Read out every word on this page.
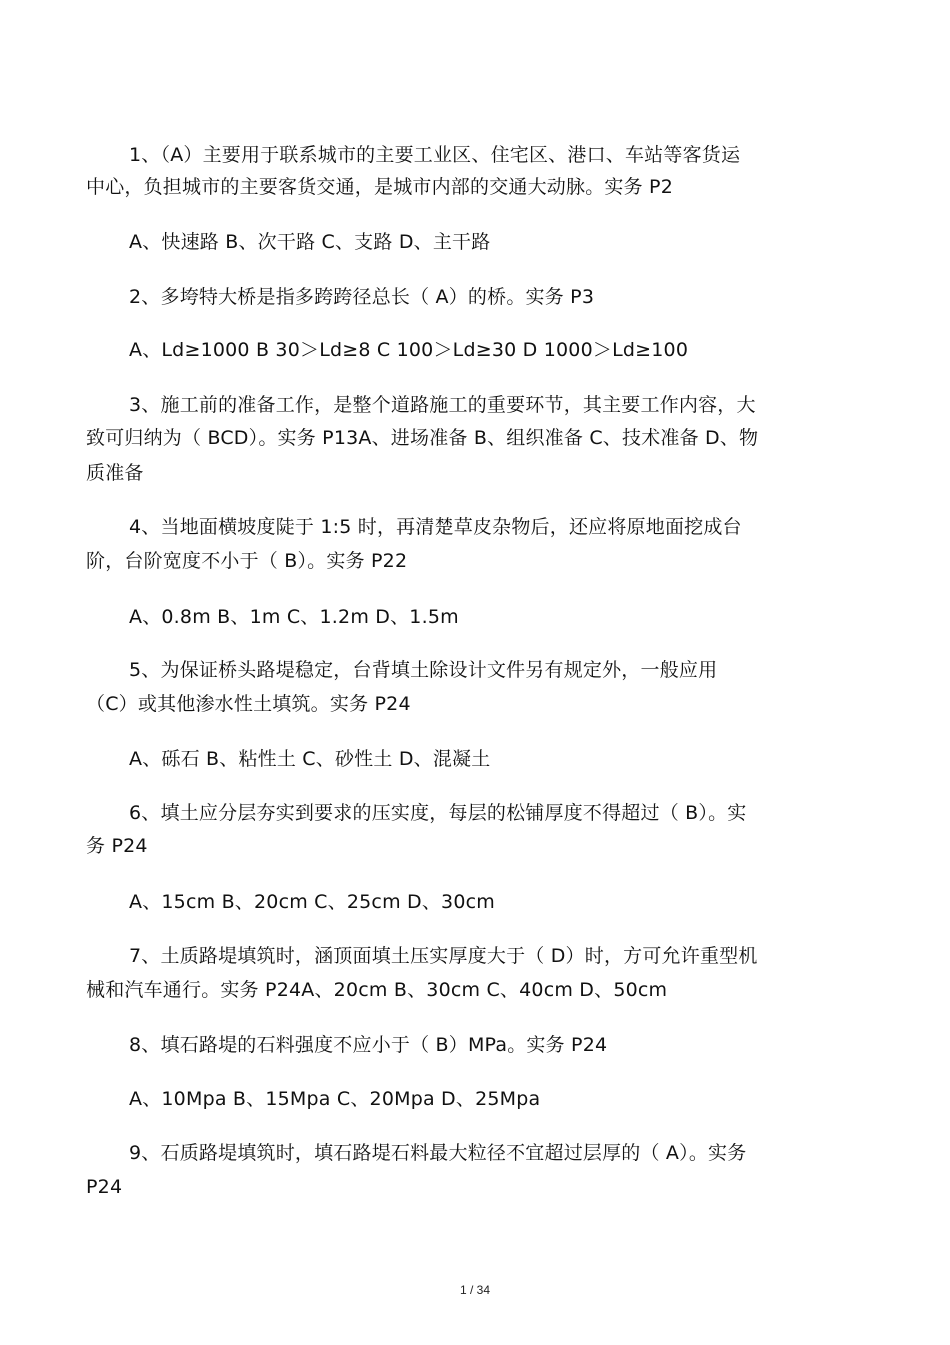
1、（A）主要用于联系城市的主要工业区、住宅区、港口、车站等客货运
中心，负担城市的主要客货交通，是城市内部的交通大动脉。实务 P2
A、快速路 B、次干路 C、支路 D、主干路
2、多垮特大桥是指多跨跨径总长（ A）的桥。实务 P3
A、Ld≥1000 B 30＞Ld≥8 C 100＞Ld≥30 D 1000＞Ld≥100
3、施工前的准备工作，是整个道路施工的重要环节，其主要工作内容，大
致可归纳为（ BCD）。实务 P13A、进场准备 B、组织准备 C、技术准备 D、物
质准备
4、当地面横坡度陡于 1:5 时，再清楚草皮杂物后，还应将原地面挖成台
阶，台阶宽度不小于（ B）。实务 P22
A、0.8m B、1m C、1.2m D、1.5m
5、为保证桥头路堤稳定，台背填土除设计文件另有规定外，一般应用
（C）或其他渗水性土填筑。实务 P24
A、砾石 B、粘性土 C、砂性土 D、混凝土
6、填土应分层夯实到要求的压实度，每层的松铺厚度不得超过（ B）。实
务 P24
A、15cm B、20cm C、25cm D、30cm
7、土质路堤填筑时，涵顶面填土压实厚度大于（ D）时，方可允许重型机
械和汽车通行。实务 P24A、20cm B、30cm C、40cm D、50cm
8、填石路堤的石料强度不应小于（ B）MPa。实务 P24
A、10Mpa B、15Mpa C、20Mpa D、25Mpa
9、石质路堤填筑时，填石路堤石料最大粒径不宜超过层厚的（ A）。实务
P24
1 / 34
